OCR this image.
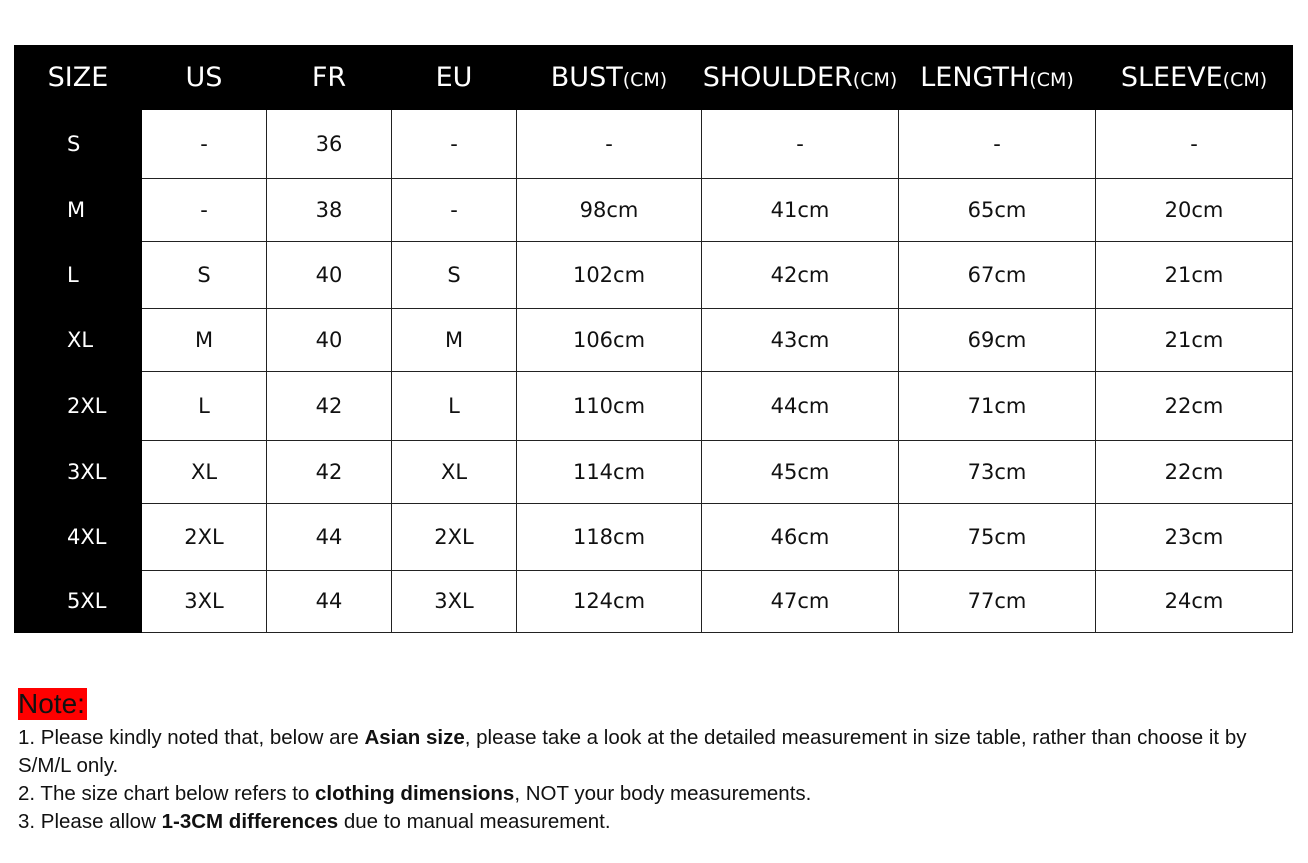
SIZE	US	FR	EU	BUST(CM)	SHOULDER(CM)	LENGTH(CM)	SLEEVE(CM)
S	-	36	-	-	-	-	-
M	-	38	-	98cm	41cm	65cm	20cm
L	S	40	S	102cm	42cm	67cm	21cm
XL	M	40	M	106cm	43cm	69cm	21cm
2XL	L	42	L	110cm	44cm	71cm	22cm
3XL	XL	42	XL	114cm	45cm	73cm	22cm
4XL	2XL	44	2XL	118cm	46cm	75cm	23cm
5XL	3XL	44	3XL	124cm	47cm	77cm	24cm
Note:

1. Please kindly noted that, below are Asian size, please take a look at the detailed measurement in size table, rather than choose it by S/M/L only.

2. The size chart below refers to clothing dimensions, NOT your body measurements.

3. Please allow 1-3CM differences due to manual measurement.
